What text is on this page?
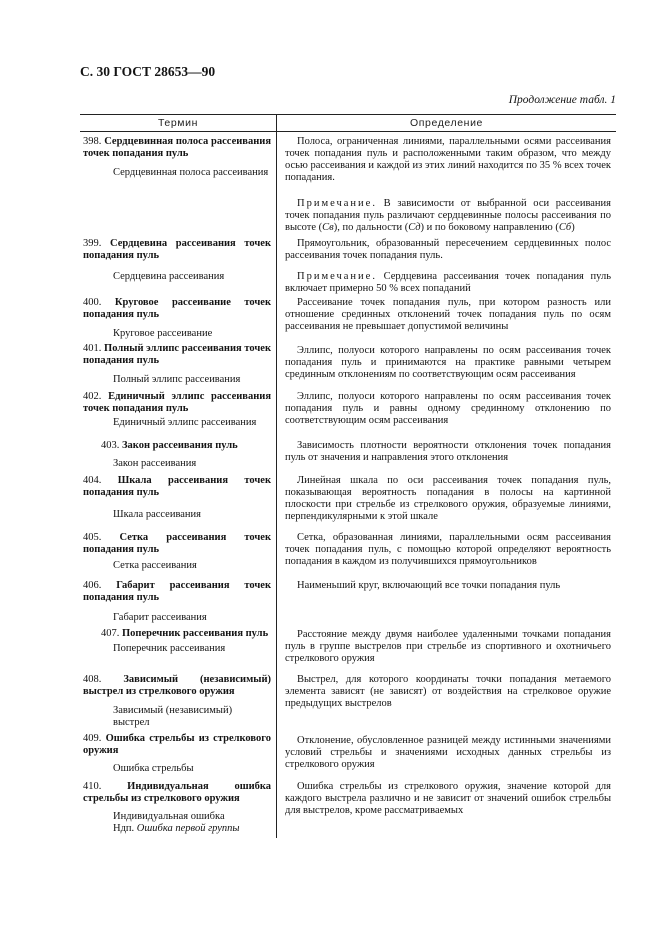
С. 30 ГОСТ 28653—90
Продолжение табл. 1
Термин	Определение
398. Сердцевинная полоса рассеивания точек попадания пуль
Сердцевинная полоса рассеивания

Полоса, ограниченная линиями, параллельными осями рассеивания точек попадания пуль и расположенными таким образом, что между осью рассеивания и каждой из этих линий находится по 35 % всех точек попадания.

Примечание. В зависимости от выбранной оси рассеивания точек попадания пуль различают сердцевинные полосы рассеивания по высоте (Св), по дальности (Сд) и по боковому направлению (Сб)

399. Сердцевина рассеивания точек попадания пуль
Сердцевина рассеивания

Прямоугольник, образованный пересечением сердцевинных полос рассеивания точек попадания пуль.

Примечание. Сердцевина рассеивания точек попадания пуль включает примерно 50 % всех попаданий

400. Круговое рассеивание точек попадания пуль
Круговое рассеивание

Рассеивание точек попадания пуль, при котором разность или отношение срединных отклонений точек попадания пуль по осям рассеивания не превышает допустимой величины

401. Полный эллипс рассеивания точек попадания пуль
Полный эллипс рассеивания

Эллипс, полуоси которого направлены по осям рассеивания точек попадания пуль и принимаются на практике равными четырем срединным отклонениям по соответствующим осям рассеивания

402. Единичный эллипс рассеивания точек попадания пуль
Единичный эллипс рассеивания

Эллипс, полуоси которого направлены по осям рассеивания точек попадания пуль и равны одному срединному отклонению по соответствующим осям рассеивания

403. Закон рассеивания пуль
Закон рассеивания

Зависимость плотности вероятности отклонения точек попадания пуль от значения и направления этого отклонения

404. Шкала рассеивания точек попадания пуль
Шкала рассеивания

Линейная шкала по оси рассеивания точек попадания пуль, показывающая вероятность попадания в полосы на картинной плоскости при стрельбе из стрелкового оружия, образуемые линиями, перпендикулярными к этой шкале

405. Сетка рассеивания точек попадания пуль
Сетка рассеивания

Сетка, образованная линиями, параллельными осям рассеивания точек попадания пуль, с помощью которой определяют вероятность попадания в каждом из получившихся прямоугольников

406. Габарит рассеивания точек попадания пуль
Габарит рассеивания

Наименьший круг, включающий все точки попадания пуль

407. Поперечник рассеивания пуль
Поперечник рассеивания

Расстояние между двумя наиболее удаленными точками попадания пуль в группе выстрелов при стрельбе из спортивного и охотничьего стрелкового оружия

408. Зависимый (независимый) выстрел из стрелкового оружия
Зависимый (независимый) выстрел

Выстрел, для которого координаты точки попадания метаемого элемента зависят (не зависят) от воздействия на стрелковое оружие предыдущих выстрелов

409. Ошибка стрельбы из стрелкового оружия
Ошибка стрельбы

Отклонение, обусловленное разницей между истинными значениями условий стрельбы и значениями исходных данных стрельбы из стрелкового оружия

410. Индивидуальная ошибка стрельбы из стрелкового оружия
Индивидуальная ошибка
Ндп. Ошибка первой группы

Ошибка стрельбы из стрелкового оружия, значение которой для каждого выстрела различно и не зависит от значений ошибок стрельбы для выстрелов, кроме рассматриваемых
